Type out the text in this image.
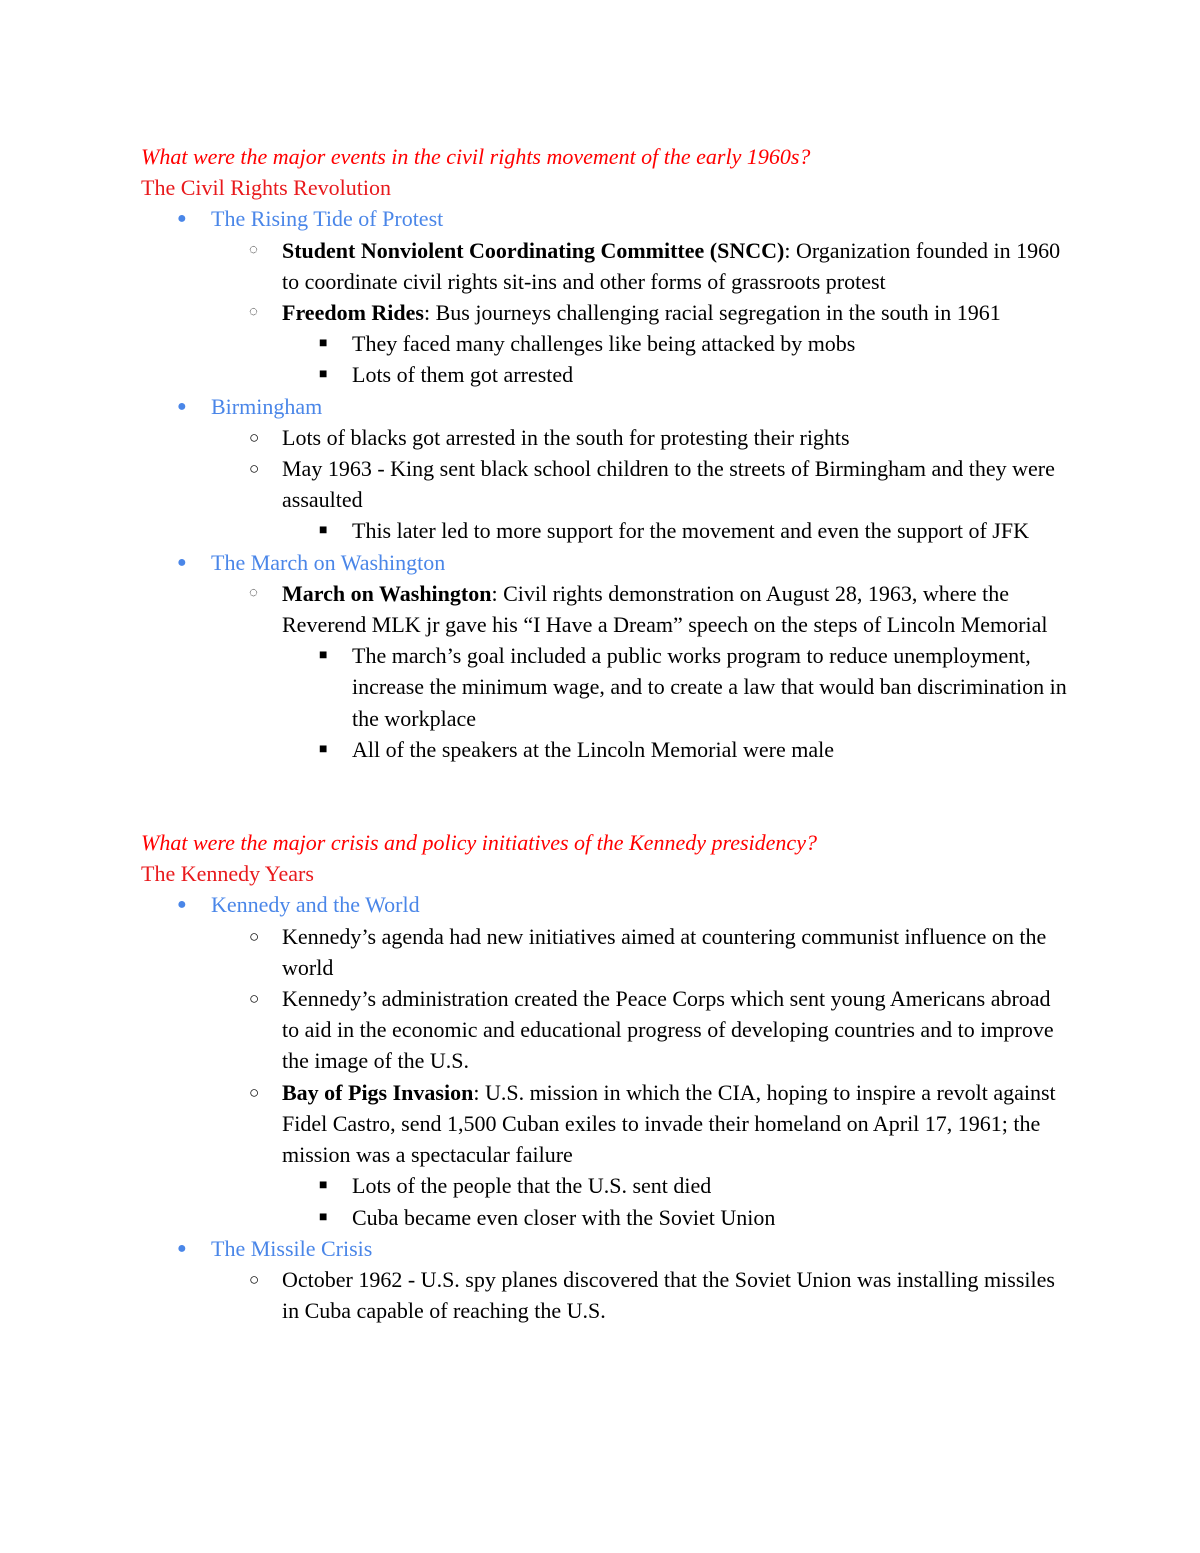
What were the major events in the civil rights movement of the early 1960s?
The Civil Rights Revolution
● The Rising Tide of Protest
◌ Student Nonviolent Coordinating Committee (SNCC): Organization founded in 1960 to coordinate civil rights sit-ins and other forms of grassroots protest
◌ Freedom Rides: Bus journeys challenging racial segregation in the south in 1961
■ They faced many challenges like being attacked by mobs
■ Lots of them got arrested
● Birmingham
○ Lots of blacks got arrested in the south for protesting their rights
○ May 1963 - King sent black school children to the streets of Birmingham and they were assaulted
■ This later led to more support for the movement and even the support of JFK
● The March on Washington
◌ March on Washington: Civil rights demonstration on August 28, 1963, where the Reverend MLK jr gave his “I Have a Dream” speech on the steps of Lincoln Memorial
■ The march’s goal included a public works program to reduce unemployment, increase the minimum wage, and to create a law that would ban discrimination in the workplace
■ All of the speakers at the Lincoln Memorial were male
What were the major crisis and policy initiatives of the Kennedy presidency?
The Kennedy Years
● Kennedy and the World
○ Kennedy’s agenda had new initiatives aimed at countering communist influence on the world
○ Kennedy’s administration created the Peace Corps which sent young Americans abroad to aid in the economic and educational progress of developing countries and to improve the image of the U.S.
○ Bay of Pigs Invasion: U.S. mission in which the CIA, hoping to inspire a revolt against Fidel Castro, send 1,500 Cuban exiles to invade their homeland on April 17, 1961; the mission was a spectacular failure
■ Lots of the people that the U.S. sent died
■ Cuba became even closer with the Soviet Union
● The Missile Crisis
○ October 1962 - U.S. spy planes discovered that the Soviet Union was installing missiles in Cuba capable of reaching the U.S.
